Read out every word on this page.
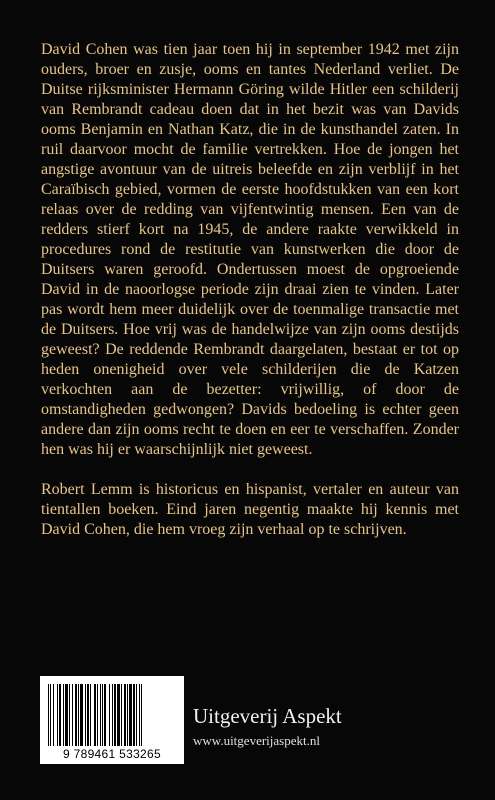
David Cohen was tien jaar toen hij in september 1942 met zijn ouders, broer en zusje, ooms en tantes Nederland verliet. De Duitse rijksminister Hermann Göring wilde Hitler een schilderij van Rembrandt cadeau doen dat in het bezit was van Davids ooms Benjamin en Nathan Katz, die in de kunsthandel zaten. In ruil daarvoor mocht de familie vertrekken. Hoe de jongen het angstige avontuur van de uitreis beleefde en zijn verblijf in het Caraïbisch gebied, vormen de eerste hoofdstukken van een kort relaas over de redding van vijfentwintig mensen. Een van de redders stierf kort na 1945, de andere raakte verwikkeld in procedures rond de restitutie van kunstwerken die door de Duitsers waren geroofd. Ondertussen moest de opgroeiende David in de naoorlogse periode zijn draai zien te vinden. Later pas wordt hem meer duidelijk over de toenmalige transactie met de Duitsers. Hoe vrij was de handelwijze van zijn ooms destijds geweest? De reddende Rembrandt daargelaten, bestaat er tot op heden onenigheid over vele schilderijen die de Katzen verkochten aan de bezetter: vrijwillig, of door de omstandigheden gedwongen? Davids bedoeling is echter geen andere dan zijn ooms recht te doen en eer te verschaffen. Zonder hen was hij er waarschijnlijk niet geweest.

Robert Lemm is historicus en hispanist, vertaler en auteur van tientallen boeken. Eind jaren negentig maakte hij kennis met David Cohen, die hem vroeg zijn verhaal op te schrijven.

9 789461 533265
Uitgeverij Aspekt
www.uitgeverijaspekt.nl
